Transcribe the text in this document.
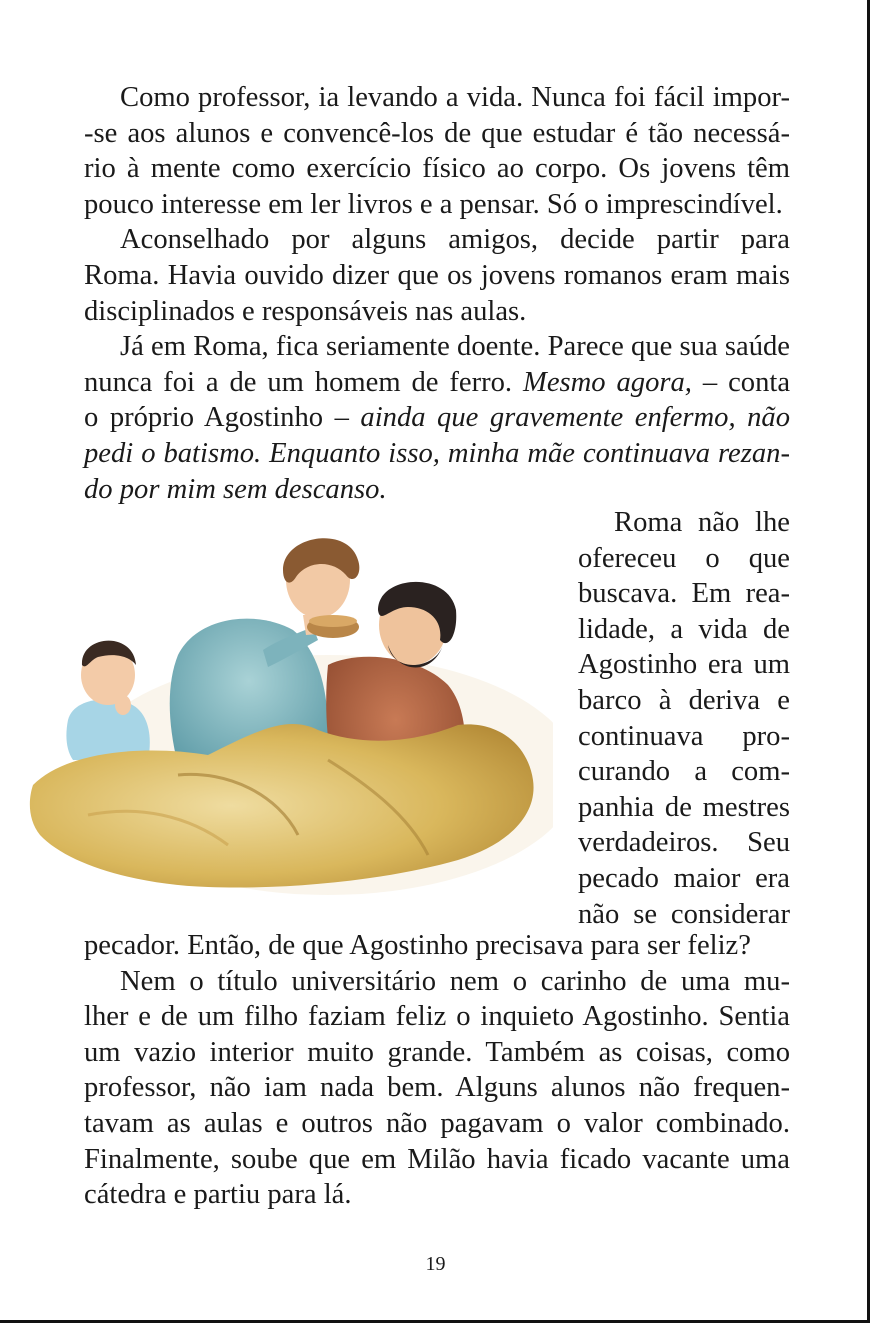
Como professor, ia levando a vida. Nunca foi fácil impor-

-se aos alunos e convencê-los de que estudar é tão necessá-
rio à mente como exercício físico ao corpo. Os jovens têm
pouco interesse em ler livros e a pensar. Só o imprescindível.

Aconselhado por alguns amigos, decide partir para

Roma. Havia ouvido dizer que os jovens romanos eram mais
disciplinados e responsáveis nas aulas.

Já em Roma, fica seriamente doente. Parece que sua saúde

nunca foi a de um homem de ferro. Mesmo agora, – conta
o próprio Agostinho – ainda que gravemente enfermo, não
pedi o batismo. Enquanto isso, minha mãe continuava rezan-
do por mim sem descanso.
Roma não lhe
ofereceu o que
buscava. Em rea-
lidade, a vida de
Agostinho era um
barco à deriva e
continuava pro-
curando a com-
panhia de mestres
verdadeiros. Seu
pecado maior era
não se considerar
pecador. Então, de que Agostinho precisava para ser feliz?

Nem o título universitário nem o carinho de uma mu-

lher e de um filho faziam feliz o inquieto Agostinho. Sentia
um vazio interior muito grande. Também as coisas, como
professor, não iam nada bem. Alguns alunos não frequen-
tavam as aulas e outros não pagavam o valor combinado.
Finalmente, soube que em Milão havia ficado vacante uma
cátedra e partiu para lá.
19
